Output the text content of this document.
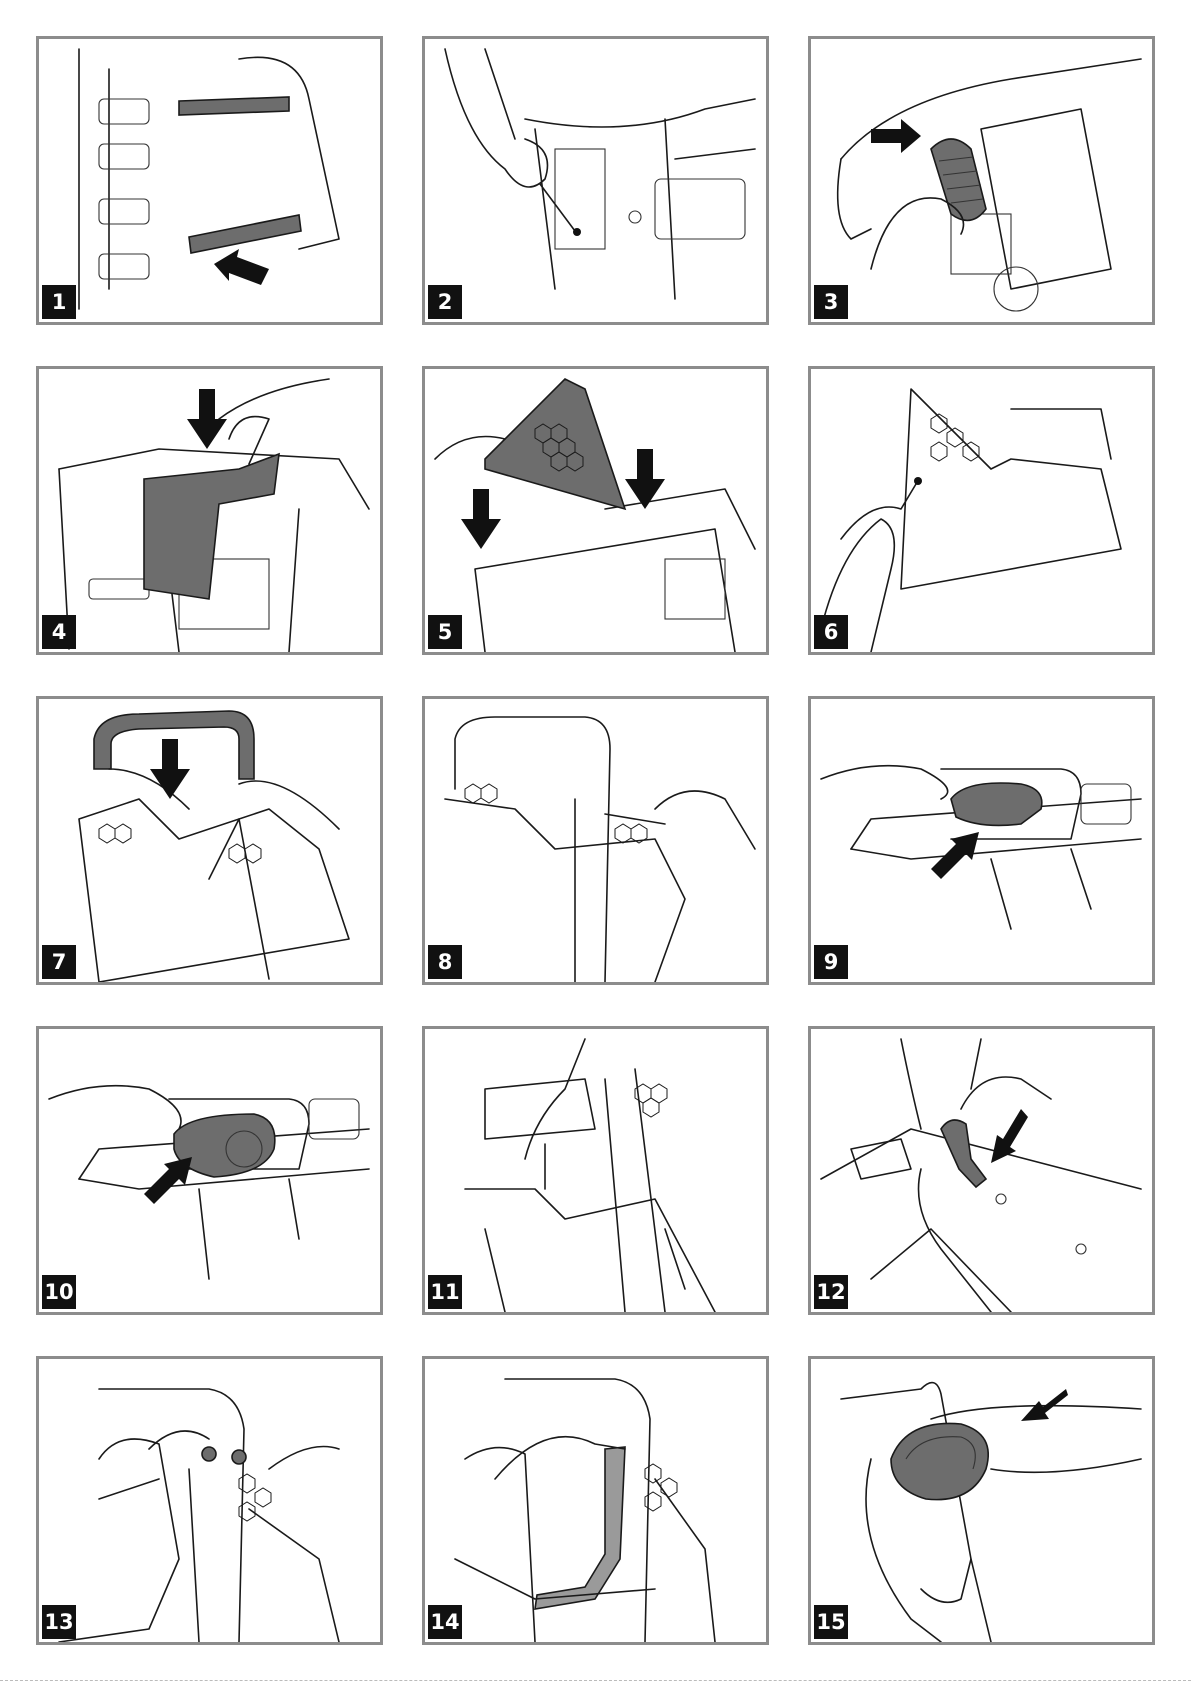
1	2	3
4	5	6
7	8	9
10	11	12
13	14	15
